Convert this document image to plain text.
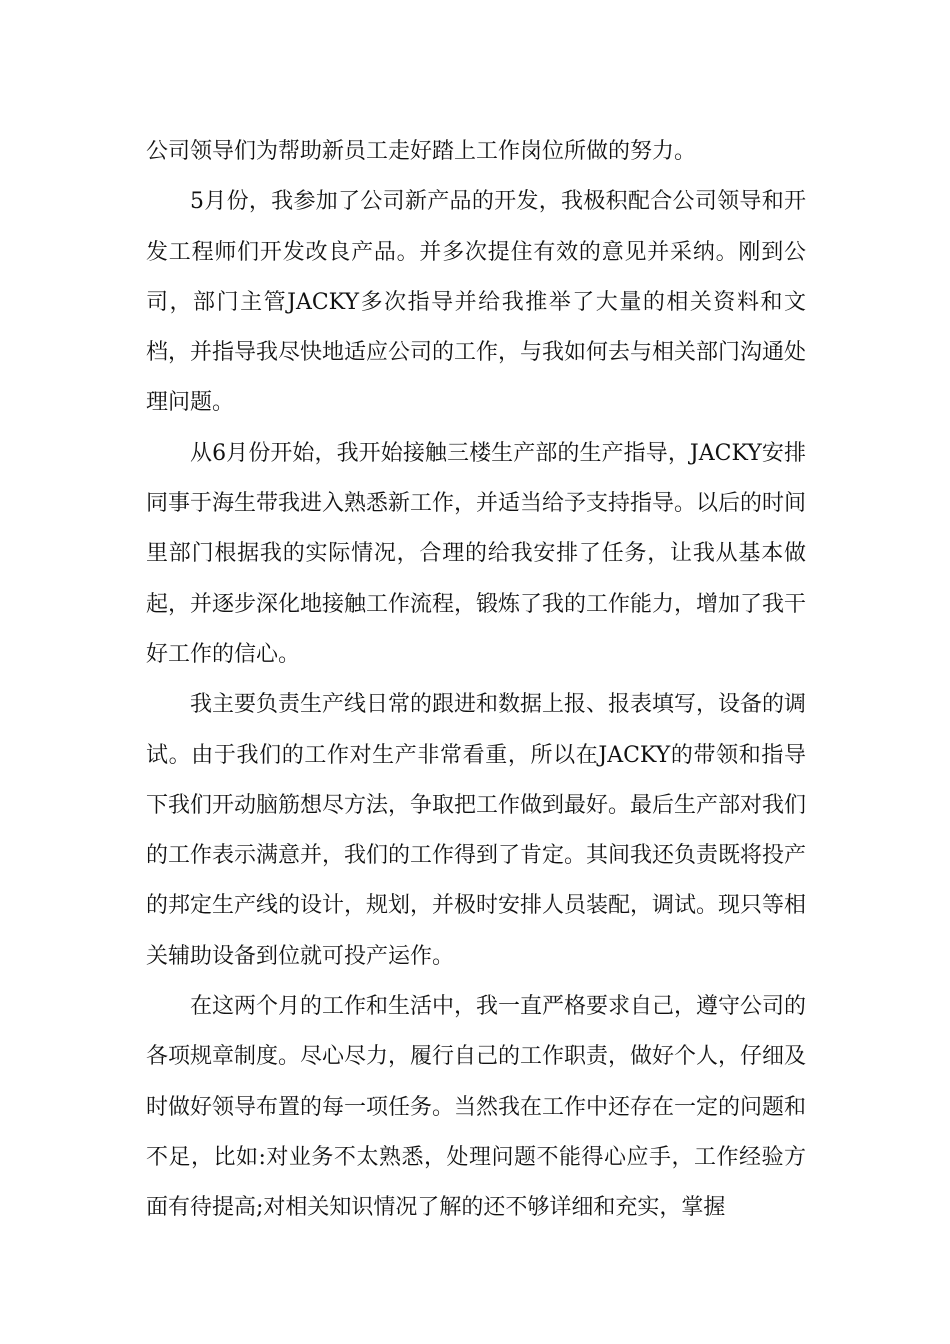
公司领导们为帮助新员工走好踏上工作岗位所做的努力。

5月份，我参加了公司新产品的开发，我极积配合公司领导和开发工程师们开发改良产品。并多次提住有效的意见并采纳。刚到公司，部门主管JACKY多次指导并给我推举了大量的相关资料和文档，并指导我尽快地适应公司的工作，与我如何去与相关部门沟通处理问题。

从6月份开始，我开始接触三楼生产部的生产指导，JACKY安排同事于海生带我进入熟悉新工作，并适当给予支持指导。以后的时间里部门根据我的实际情况，合理的给我安排了任务，让我从基本做起，并逐步深化地接触工作流程，锻炼了我的工作能力，增加了我干好工作的信心。

我主要负责生产线日常的跟进和数据上报、报表填写，设备的调试。由于我们的工作对生产非常看重，所以在JACKY的带领和指导下我们开动脑筋想尽方法，争取把工作做到最好。最后生产部对我们的工作表示满意并，我们的工作得到了肯定。其间我还负责既将投产的邦定生产线的设计，规划，并极时安排人员装配，调试。现只等相关辅助设备到位就可投产运作。

在这两个月的工作和生活中，我一直严格要求自己，遵守公司的各项规章制度。尽心尽力，履行自己的工作职责，做好个人，仔细及时做好领导布置的每一项任务。当然我在工作中还存在一定的问题和不足，比如:对业务不太熟悉，处理问题不能得心应手，工作经验方面有待提高;对相关知识情况了解的还不够详细和充实，掌握
